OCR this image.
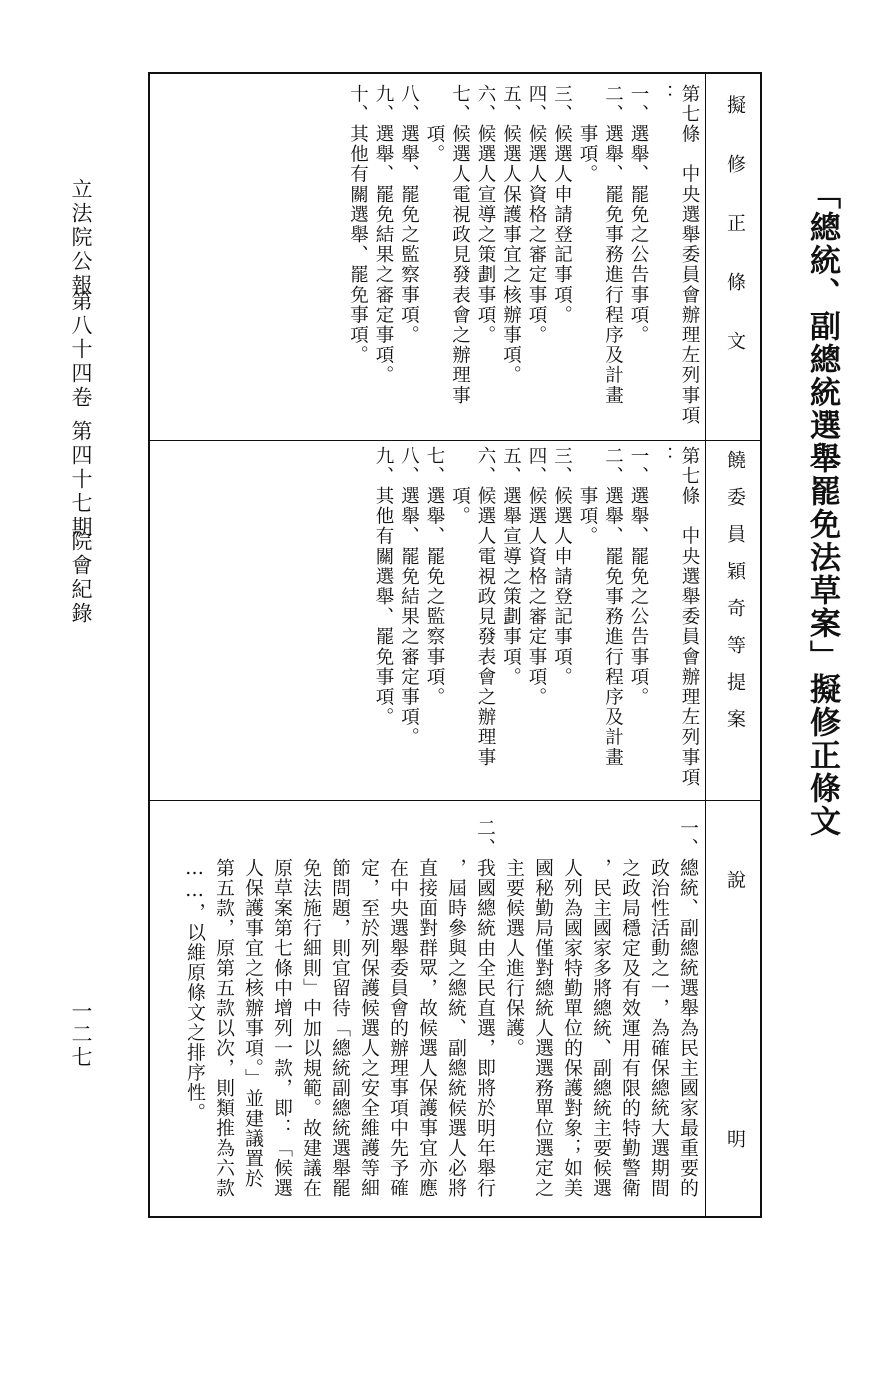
「總統、副總統選舉罷免法草案」擬修正條文
立法院公報
第八十四卷
第四十七期
院會紀錄
一二七
擬修正條文
饒委員穎奇等提案
說明
第七條　中央選舉委員會辦理左列事項
：
一、選舉、罷免之公告事項。
二、選舉、罷免事務進行程序及計畫
　　事項。
三、候選人申請登記事項。
四、候選人資格之審定事項。
五、候選人保護事宜之核辦事項。
六、候選人宣導之策劃事項。
七、候選人電視政見發表會之辦理事
　　項。
八、選舉、罷免之監察事項。
九、選舉、罷免結果之審定事項。
十、其他有關選舉、罷免事項。
第七條　中央選舉委員會辦理左列事項
：
一、選舉、罷免之公告事項。
二、選舉、罷免事務進行程序及計畫
　　事項。
三、候選人申請登記事項。
四、候選人資格之審定事項。
五、選舉宣導之策劃事項。
六、候選人電視政見發表會之辦理事
　　項。
七、選舉、罷免之監察事項。
八、選舉、罷免結果之審定事項。
九、其他有關選舉、罷免事項。
一、總統、副總統選舉為民主國家最重要的
　　政治性活動之一，為確保總統大選期間
　　之政局穩定及有效運用有限的特勤警衛
　　，民主國家多將總統、副總統主要候選
　　人列為國家特勤單位的保護對象；如美
　　國秘勤局僅對總統人選選務單位選定之
　　主要候選人進行保護。
二、我國總統由全民直選，即將於明年舉行
　　，屆時參與之總統、副總統候選人必將
　　直接面對群眾，故候選人保護事宜亦應
　　在中央選舉委員會的辦理事項中先予確
　　定，至於列保護候選人之安全維護等細
　　節問題，則宜留待「總統副總統選舉罷
　　免法施行細則」中加以規範。故建議在
　　原草案第七條中增列一款，即：「候選
　　人保護事宜之核辦事項。」並建議置於
　　第五款，原第五款以次，則類推為六款
　　……，以維原條文之排序性。
